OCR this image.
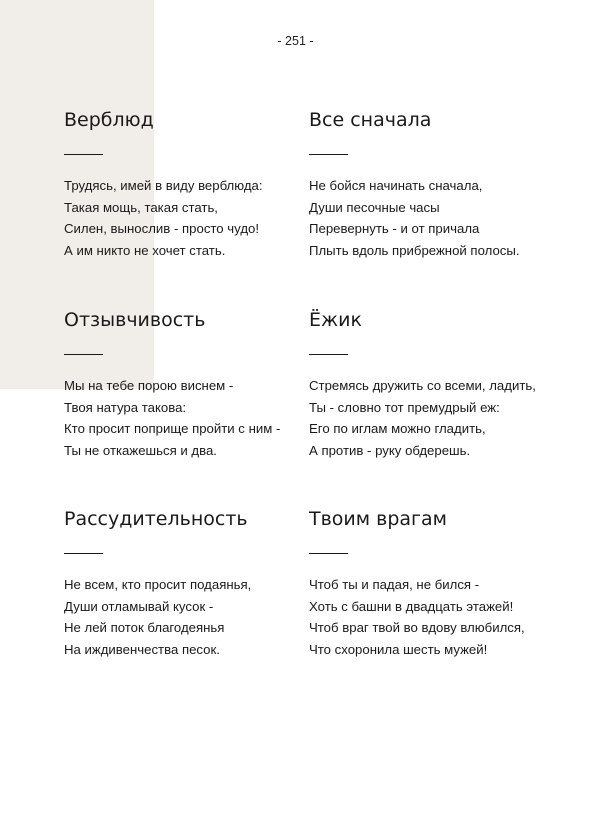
- 251 -
Верблюд
Трудясь, имей в виду верблюда:
Такая мощь, такая стать,
Силен, вынослив - просто чудо!
А им никто не хочет стать.
Все сначала
Не бойся начинать сначала,
Души песочные часы
Перевернуть - и от причала
Плыть вдоль прибрежной полосы.
Отзывчивость
Мы на тебе порою виснем -
Твоя натура такова:
Кто просит поприще пройти с ним -
Ты не откажешься и два.
Ёжик
Стремясь дружить со всеми, ладить,
Ты - словно тот премудрый еж:
Его по иглам можно гладить,
А против - руку обдерешь.
Рассудительность
Не всем, кто просит подаянья,
Души отламывай кусок -
Не лей поток благодеянья
На иждивенчества песок.
Твоим врагам
Чтоб ты и падая, не бился -
Хоть с башни в двадцать этажей!
Чтоб враг твой во вдову влюбился,
Что схоронила шесть мужей!
